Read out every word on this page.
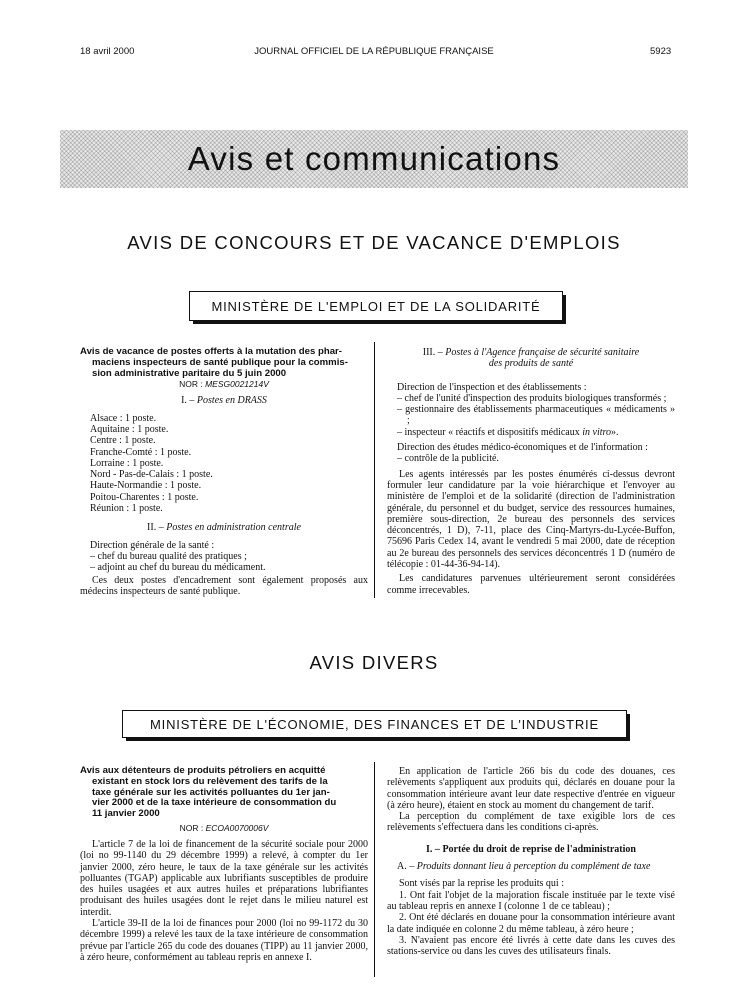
18 avril 2000	JOURNAL OFFICIEL DE LA RÉPUBLIQUE FRANÇAISE	5923
Avis et communications
AVIS DE CONCOURS ET DE VACANCE D'EMPLOIS
MINISTÈRE DE L'EMPLOI ET DE LA SOLIDARITÉ
Avis de vacance de postes offerts à la mutation des phar-
maciens inspecteurs de santé publique pour la commis-
sion administrative paritaire du 5 juin 2000
NOR : MESG0021214V
I. – Postes en DRASS
Alsace : 1 poste.
Aquitaine : 1 poste.
Centre : 1 poste.
Franche-Comté : 1 poste.
Lorraine : 1 poste.
Nord - Pas-de-Calais : 1 poste.
Haute-Normandie : 1 poste.
Poitou-Charentes : 1 poste.
Réunion : 1 poste.
II. – Postes en administration centrale
Direction générale de la santé :
– chef du bureau qualité des pratiques ;
– adjoint au chef du bureau du médicament.

Ces deux postes d'encadrement sont également proposés aux médecins inspecteurs de santé publique.

III. – Postes à l'Agence française de sécurité sanitaire
des produits de santé
Direction de l'inspection et des établissements :
– chef de l'unité d'inspection des produits biologiques transformés ;
– gestionnaire des établissements pharmaceutiques « médicaments » ;
– inspecteur « réactifs et dispositifs médicaux in vitro».
Direction des études médico-économiques et de l'information :
– contrôle de la publicité.

Les agents intéressés par les postes énumérés ci-dessus devront formuler leur candidature par la voie hiérarchique et l'envoyer au ministère de l'emploi et de la solidarité (direction de l'administration générale, du personnel et du budget, service des ressources humaines, première sous-direction, 2e bureau des personnels des services déconcentrés, 1 D), 7-11, place des Cinq-Martyrs-du-Lycée-Buffon, 75696 Paris Cedex 14, avant le vendredi 5 mai 2000, date de réception au 2e bureau des personnels des services déconcentrés 1 D (numéro de télécopie : 01-44-36-94-14).

Les candidatures parvenues ultérieurement seront considérées comme irrecevables.

AVIS DIVERS
MINISTÈRE DE L'ÉCONOMIE, DES FINANCES ET DE L'INDUSTRIE
Avis aux détenteurs de produits pétroliers en acquitté
existant en stock lors du relèvement des tarifs de la
taxe générale sur les activités polluantes du 1er jan-
vier 2000 et de la taxe intérieure de consommation du
11 janvier 2000
NOR : ECOA0070006V

L'article 7 de la loi de financement de la sécurité sociale pour 2000 (loi no 99-1140 du 29 décembre 1999) a relevé, à compter du 1er janvier 2000, zéro heure, le taux de la taxe générale sur les activités polluantes (TGAP) applicable aux lubrifiants susceptibles de produire des huiles usagées et aux autres huiles et préparations lubrifiantes produisant des huiles usagées dont le rejet dans le milieu naturel est interdit.

L'article 39-II de la loi de finances pour 2000 (loi no 99-1172 du 30 décembre 1999) a relevé les taux de la taxe intérieure de consommation prévue par l'article 265 du code des douanes (TIPP) au 11 janvier 2000, à zéro heure, conformément au tableau repris en annexe I.

En application de l'article 266 bis du code des douanes, ces relèvements s'appliquent aux produits qui, déclarés en douane pour la consommation intérieure avant leur date respective d'entrée en vigueur (à zéro heure), étaient en stock au moment du changement de tarif.

La perception du complément de taxe exigible lors de ces relèvements s'effectuera dans les conditions ci-après.

I. – Portée du droit de reprise de l'administration
A. – Produits donnant lieu à perception du complément de taxe
Sont visés par la reprise les produits qui :

1. Ont fait l'objet de la majoration fiscale instituée par le texte visé au tableau repris en annexe I (colonne 1 de ce tableau) ;

2. Ont été déclarés en douane pour la consommation intérieure avant la date indiquée en colonne 2 du même tableau, à zéro heure ;

3. N'avaient pas encore été livrés à cette date dans les cuves des stations-service ou dans les cuves des utilisateurs finals.
